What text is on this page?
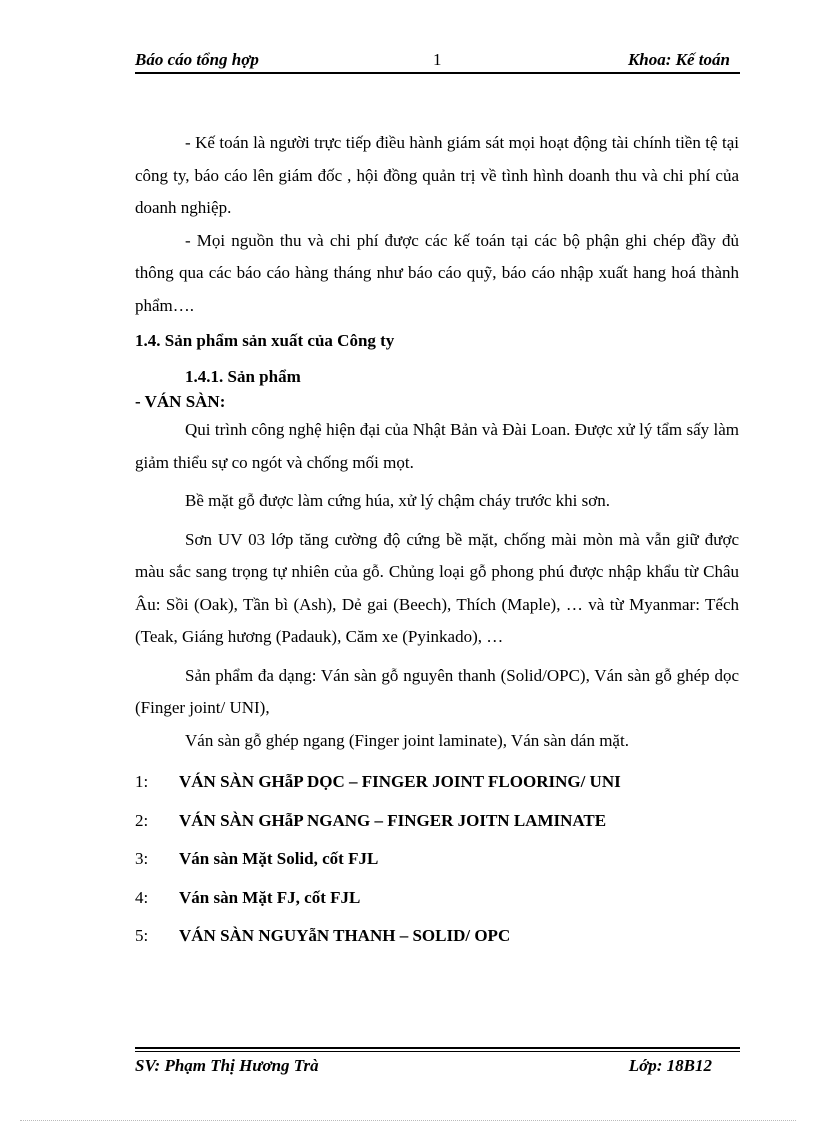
Báo cáo tổng hợp	1	Khoa: Kế toán

- Kế toán là người trực tiếp điều hành giám sát mọi hoạt động tài chính tiền tệ tại công ty, báo cáo lên giám đốc , hội đồng quản trị về tình hình doanh thu và chi phí của doanh nghiệp.

- Mọi nguồn thu và chi phí được các kế toán tại các bộ phận ghi chép đầy đủ thông qua các báo cáo hàng tháng như báo cáo quỹ, báo cáo nhập xuất hang hoá thành phẩm….

1.4. Sản phẩm sản xuất của Công ty

1.4.1. Sản phẩm

- VÁN SÀN:

Qui trình công nghệ hiện đại của Nhật Bản và Đài Loan. Được xử lý tẩm sấy làm giảm thiểu sự co ngót và chống mối mọt.

Bề mặt gỗ được làm cứng húa, xử lý chậm cháy trước khi sơn.

Sơn UV 03 lớp tăng cường độ cứng bề mặt, chống mài mòn mà vẫn giữ được màu sắc sang trọng tự nhiên của gỗ. Chủng loại gỗ phong phú được nhập khẩu từ Châu Âu: Sồi (Oak), Tần bì (Ash), Dẻ gai (Beech), Thích (Maple), … và từ Myanmar: Tếch (Teak, Giáng hương (Padauk), Căm xe (Pyinkado), …

Sản phẩm đa dạng: Ván sàn gỗ nguyên thanh (Solid/OPC), Ván sàn gỗ ghép dọc (Finger joint/ UNI),

Ván sàn gỗ ghép ngang (Finger joint laminate), Ván sàn dán mặt.

1: VÁN SÀN GHẫP DỌC – FINGER JOINT FLOORING/ UNI

2: VÁN SÀN GHẫP NGANG – FINGER JOITN LAMINATE

3: Ván sàn Mặt Solid, cốt FJL

4: Ván sàn Mặt FJ, cốt FJL

5: VÁN SÀN NGUYẫN THANH – SOLID/ OPC

SV: Phạm Thị Hương Trà	Lớp: 18B12
